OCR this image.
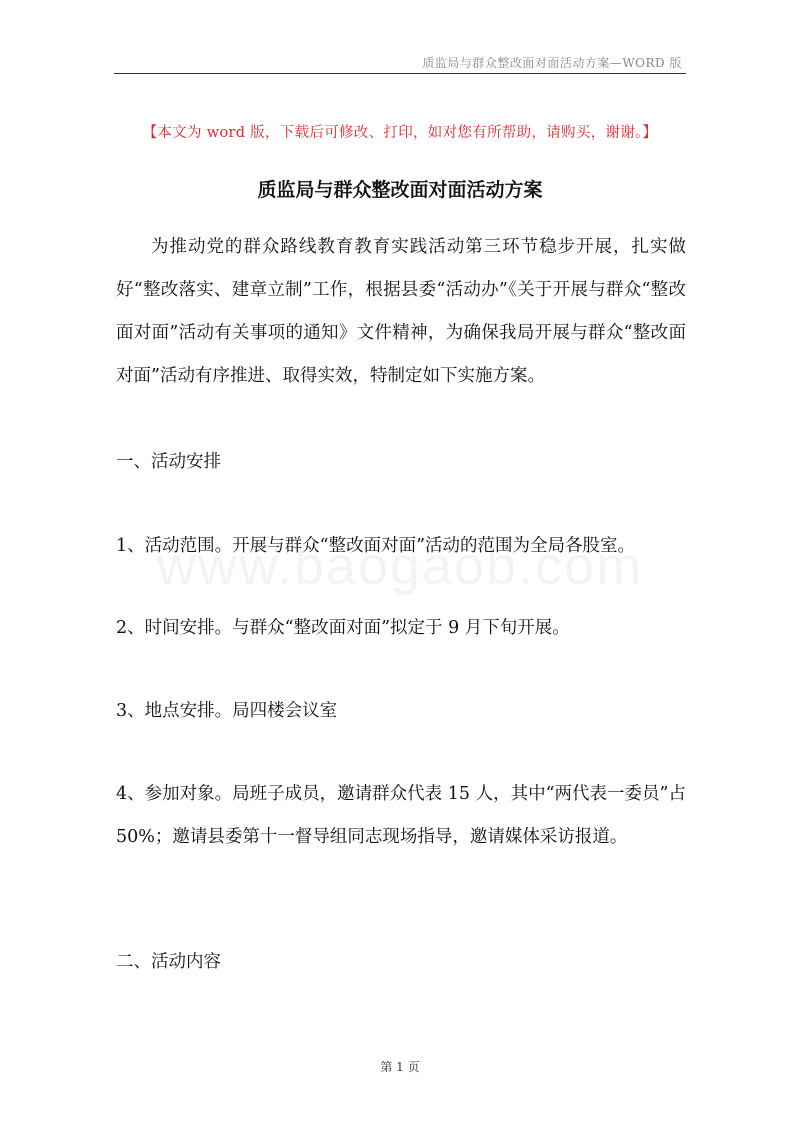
质监局与群众整改面对面活动方案—WORD 版
【本文为 word 版，下载后可修改、打印，如对您有所帮助，请购买，谢谢。】
质监局与群众整改面对面活动方案
为推动党的群众路线教育教育实践活动第三环节稳步开展，扎实做好“整改落实、建章立制”工作，根据县委“活动办”《关于开展与群众“整改面对面”活动有关事项的通知》文件精神，为确保我局开展与群众“整改面对面”活动有序推进、取得实效，特制定如下实施方案。
一、活动安排
1、活动范围。开展与群众“整改面对面”活动的范围为全局各股室。
2、时间安排。与群众“整改面对面”拟定于 9 月下旬开展。
3、地点安排。局四楼会议室
4、参加对象。局班子成员，邀请群众代表 15 人，其中“两代表一委员”占 50%；邀请县委第十一督导组同志现场指导，邀请媒体采访报道。
二、活动内容
第 1 页
